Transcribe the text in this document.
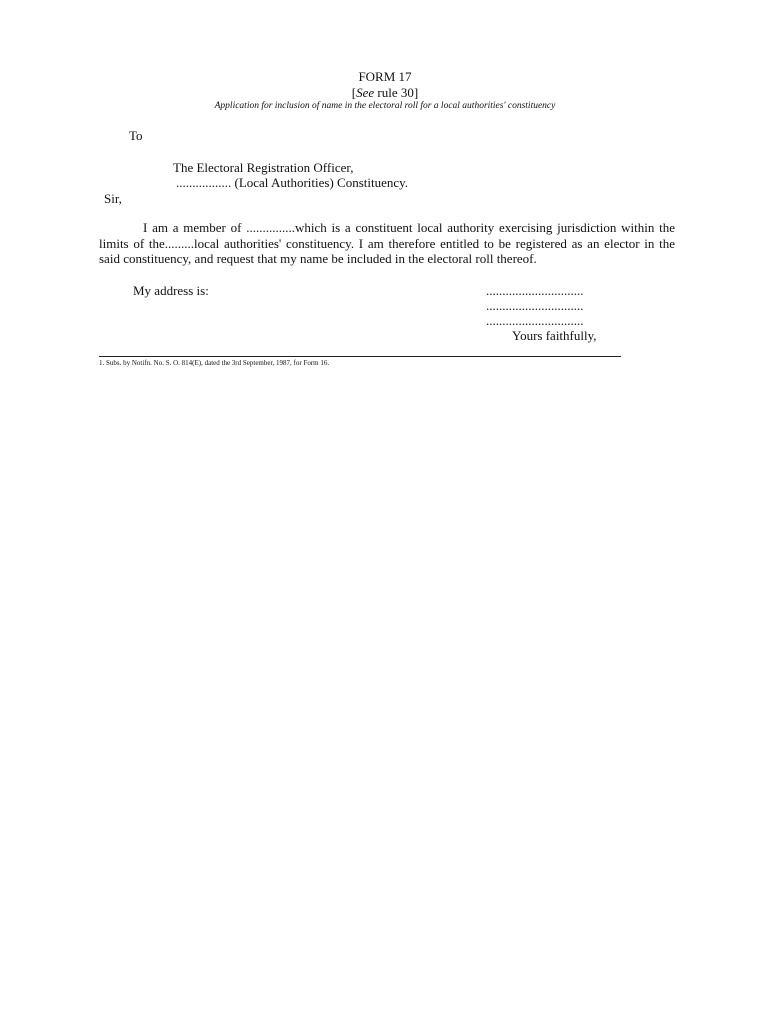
FORM 17
[See rule 30]
Application for inclusion of name in the electoral roll for a local authorities' constituency
To
The Electoral Registration Officer,
................. (Local Authorities) Constituency.
Sir,
I am a member of ...............which is a constituent local authority exercising jurisdiction within the limits of the.........local authorities' constituency. I am therefore entitled to be registered as an elector in the said constituency, and request that my name be included in the electoral roll thereof.
My address is:	..............................
..............................
..............................
Yours faithfully,
1. Subs. by Notifn. No. S. O. 814(E), dated the 3rd September, 1987, for Form 16.
